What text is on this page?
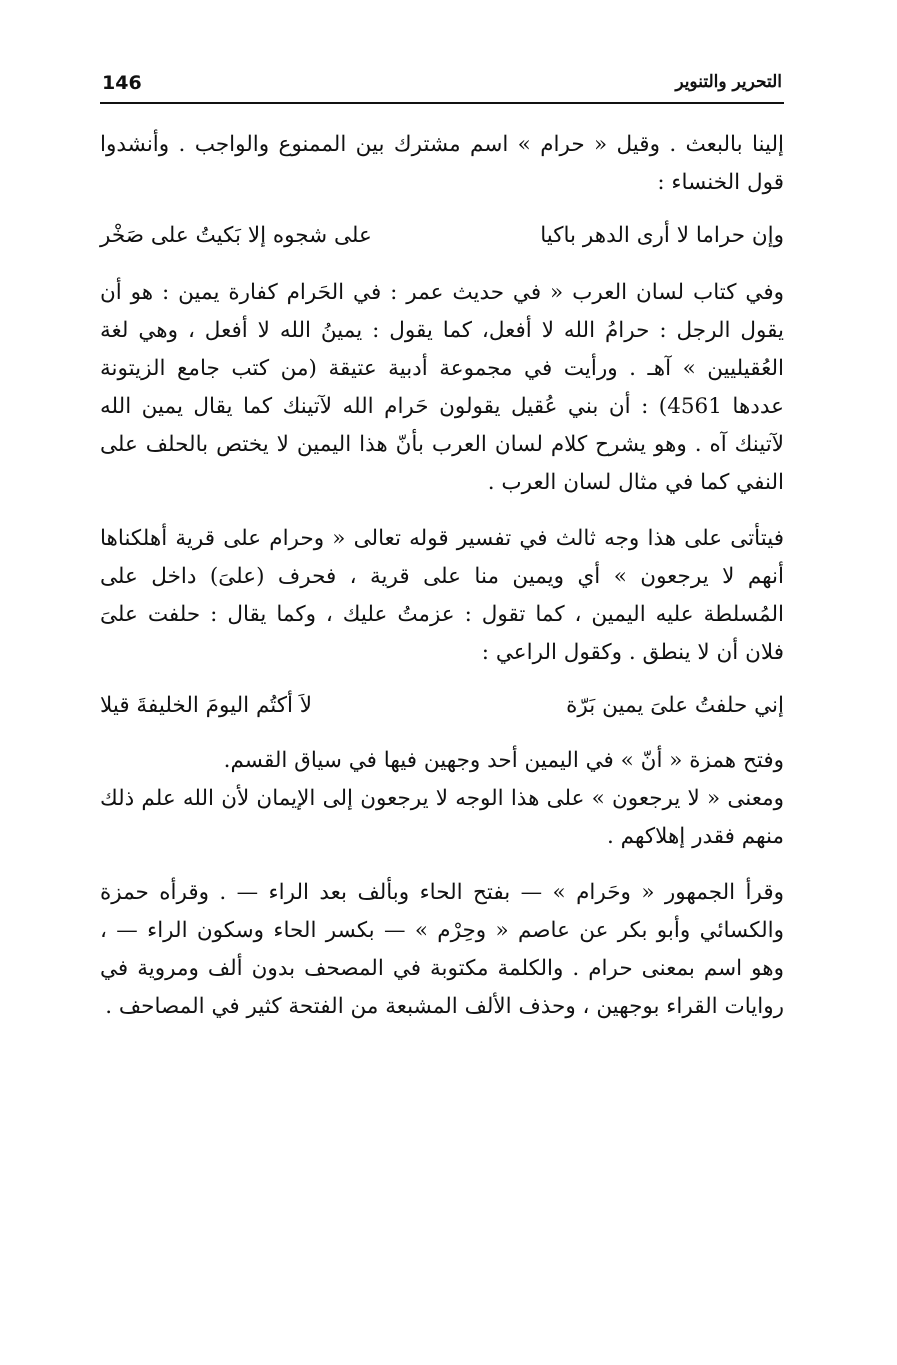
146	التحرير والتنوير

إلينا بالبعث . وقيل « حرام » اسم مشترك بين الممنوع والواجب . وأنشدوا قول الخنساء :

وإن حراما لا أرى الدهر باكيا
على شجوه إلا بَكيتُ على صَخْر

وفي كتاب لسان العرب « في حديث عمر : في الحَرام كفارة يمين : هو أن يقول الرجل : حرامُ الله لا أفعل، كما يقول : يمينُ الله لا أفعل ، وهي لغة العُقيليين » آهـ . ورأيت في مجموعة أدبية عتيقة (من كتب جامع الزيتونة عددها 4561) : أن بني عُقيل يقولون حَرام الله لآتينك كما يقال يمين الله لآتينك آه . وهو يشرح كلام لسان العرب بأنّ هذا اليمين لا يختص بالحلف على النفي كما في مثال لسان العرب .

فيتأتى على هذا وجه ثالث في تفسير قوله تعالى « وحرام على قرية أهلكناها أنهم لا يرجعون » أي ويمين منا على قرية ، فحرف (علىَ) داخل على المُسلطة عليه اليمين ، كما تقول : عزمتُ عليك ، وكما يقال : حلفت علىَ فلان أن لا ينطق . وكقول الراعي :

إني حلفتُ علىَ يمين بَرّة
لاَ أكتُم اليومَ الخليفةَ قيلا

وفتح همزة « أنّ » في اليمين أحد وجهين فيها في سياق القسم.

ومعنى « لا يرجعون » على هذا الوجه لا يرجعون إلى الإيمان لأن الله علم ذلك منهم فقدر إهلاكهم .

وقرأ الجمهور « وحَرام » — بفتح الحاء وبألف بعد الراء — . وقرأه حمزة والكسائي وأبو بكر عن عاصم « وحِرْم » — بكسر الحاء وسكون الراء — ، وهو اسم بمعنى حرام . والكلمة مكتوبة في المصحف بدون ألف ومروية في روايات القراء بوجهين ، وحذف الألف المشبعة من الفتحة كثير في المصاحف .
